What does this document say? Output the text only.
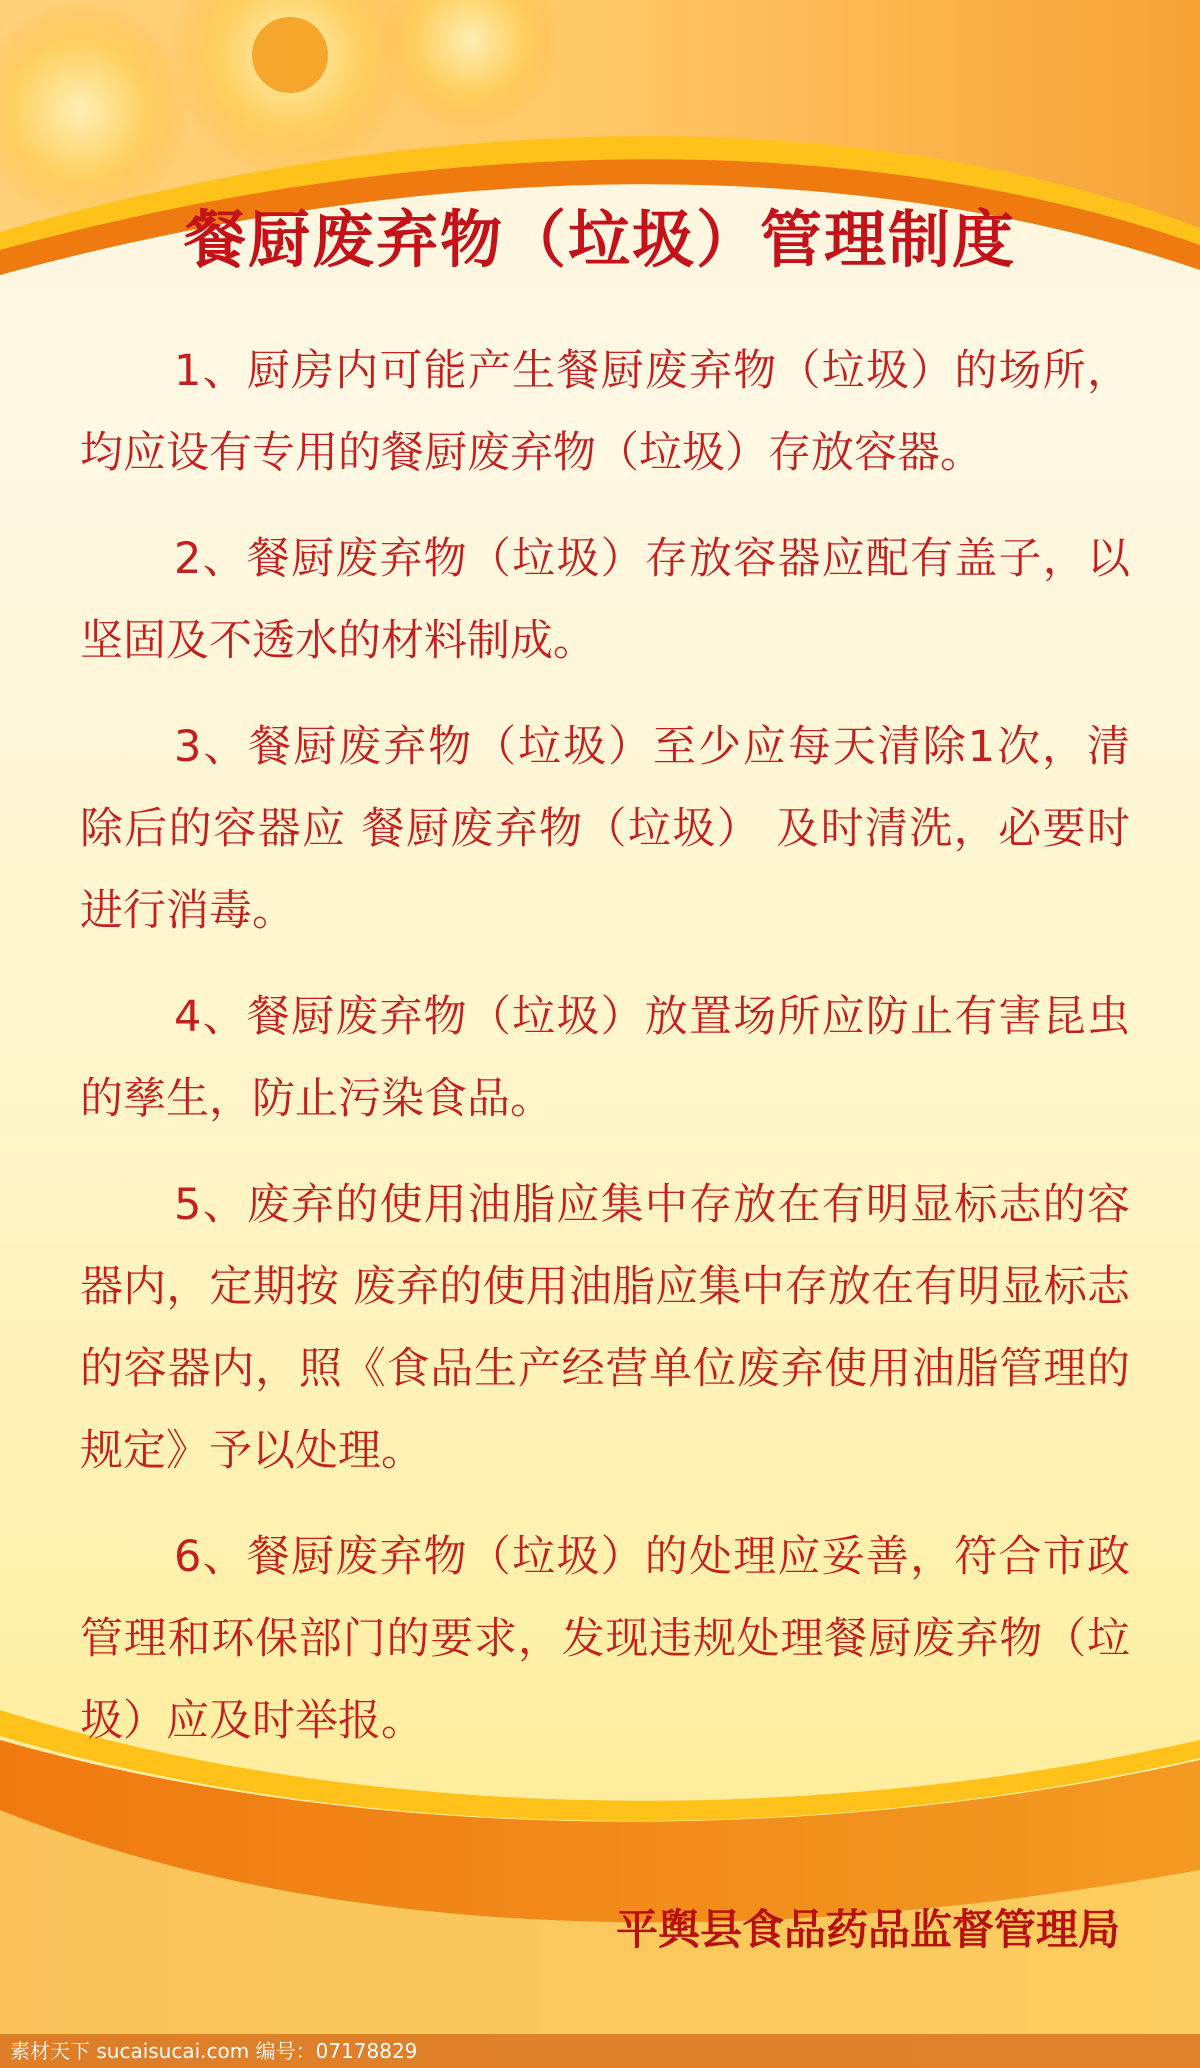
餐厨废弃物（垃圾）管理制度

1、厨房内可能产生餐厨废弃物（垃圾）的场所，均应设有专用的餐厨废弃物（垃圾）存放容器。

2、餐厨废弃物（垃圾）存放容器应配有盖子，以坚固及不透水的材料制成。

3、餐厨废弃物（垃圾）至少应每天清除1次，清除后的容器应 餐厨废弃物（垃圾） 及时清洗，必要时进行消毒。

4、餐厨废弃物（垃圾）放置场所应防止有害昆虫的孳生，防止污染食品。

5、废弃的使用油脂应集中存放在有明显标志的容器内，定期按 废弃的使用油脂应集中存放在有明显标志的容器内，照《食品生产经营单位废弃使用油脂管理的规定》予以处理。

6、餐厨废弃物（垃圾）的处理应妥善，符合市政管理和环保部门的要求，发现违规处理餐厨废弃物（垃圾）应及时举报。

平舆县食品药品监督管理局
素材天下 sucaisucai.com 编号：07178829
